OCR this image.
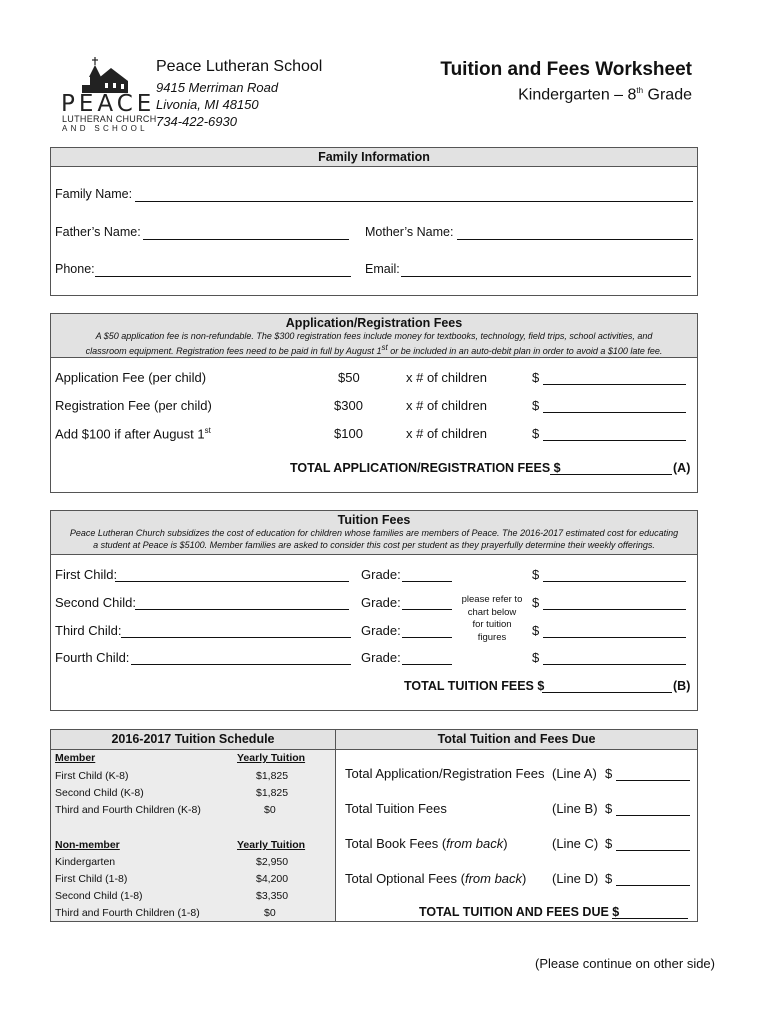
PEACE
LUTHERAN CHURCH
AND SCHOOL
Peace Lutheran School
9415 Merriman Road
Livonia, MI 48150
734-422-6930
Tuition and Fees Worksheet
Kindergarten – 8th Grade
Family Information
Family Name:
Father’s Name:	Mother’s Name:
Phone:	Email:
Application/Registration Fees
A $50 application fee is non-refundable. The $300 registration fees include money for textbooks, technology, field trips, school activities, and
classroom equipment. Registration fees need to be paid in full by August 1st or be included in an auto-debit plan in order to avoid a $100 late fee.
Application Fee (per child)	$50	x # of children	$
Registration Fee (per child)	$300	x # of children	$
Add $100 if after August 1st	$100	x # of children	$
TOTAL APPLICATION/REGISTRATION FEES $	(A)
Tuition Fees
Peace Lutheran Church subsidizes the cost of education for children whose families are members of Peace. The 2016-2017 estimated cost for educating
a student at Peace is $5100. Member families are asked to consider this cost per student as they prayerfully determine their weekly offerings.
First Child:	Grade:	$
Second Child:	Grade:	$
Third Child:	Grade:	$
Fourth Child:	Grade:	$
please refer to
chart below
for tuition
figures
TOTAL TUITION FEES $	(B)
2016-2017 Tuition Schedule
Member	Yearly Tuition
First Child (K-8)	$1,825
Second Child (K-8)	$1,825
Third and Fourth Children (K-8)	$0
Non-member	Yearly Tuition
Kindergarten	$2,950
First Child (1-8)	$4,200
Second Child (1-8)	$3,350
Third and Fourth Children (1-8)	$0
Total Tuition and Fees Due
Total Application/Registration Fees (Line A) $
Total Tuition Fees	(Line B) $
Total Book Fees (from back)	(Line C) $
Total Optional Fees (from back) (Line D) $
TOTAL TUITION AND FEES DUE $
(Please continue on other side)
